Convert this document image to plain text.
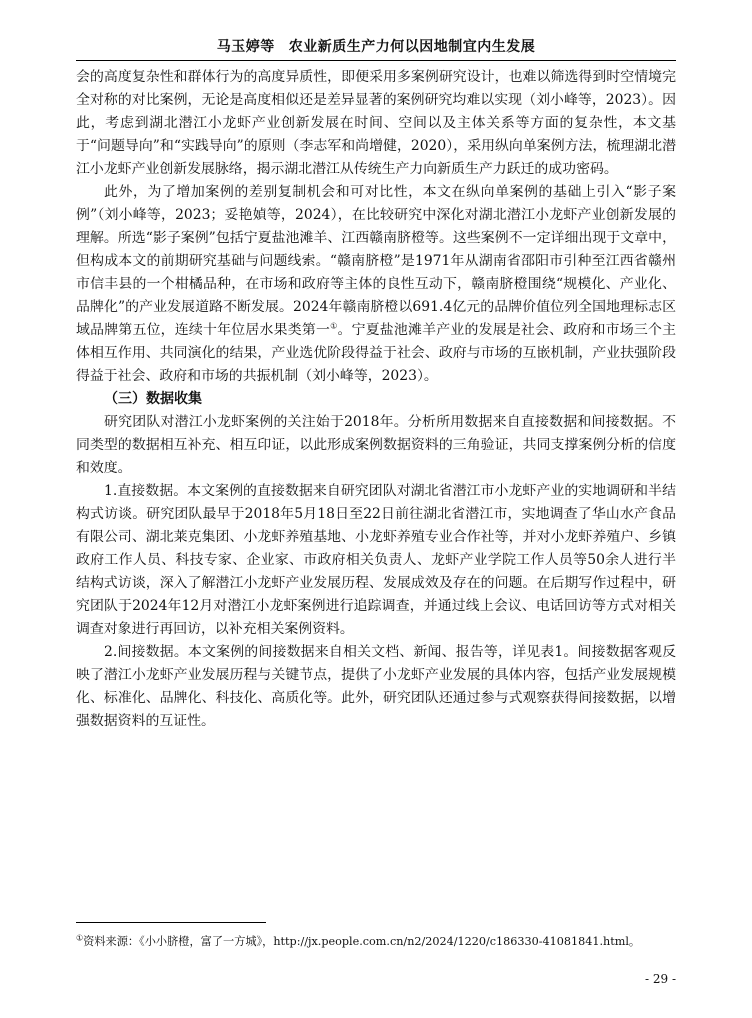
马玉婷等 农业新质生产力何以因地制宜内生发展

会的高度复杂性和群体行为的高度异质性，即便采用多案例研究设计，也难以筛选得到时空情境完全对称的对比案例，无论是高度相似还是差异显著的案例研究均难以实现（刘小峰等，2023）。因此，考虑到湖北潜江小龙虾产业创新发展在时间、空间以及主体关系等方面的复杂性，本文基于“问题导向”和“实践导向”的原则（李志军和尚增健，2020），采用纵向单案例方法，梳理湖北潜江小龙虾产业创新发展脉络，揭示湖北潜江从传统生产力向新质生产力跃迁的成功密码。

此外，为了增加案例的差别复制机会和可对比性，本文在纵向单案例的基础上引入“影子案例”（刘小峰等，2023；妥艳媜等，2024），在比较研究中深化对湖北潜江小龙虾产业创新发展的理解。所选“影子案例”包括宁夏盐池滩羊、江西赣南脐橙等。这些案例不一定详细出现于文章中，但构成本文的前期研究基础与问题线索。“赣南脐橙”是1971年从湖南省邵阳市引种至江西省赣州市信丰县的一个柑橘品种，在市场和政府等主体的良性互动下，赣南脐橙围绕“规模化、产业化、品牌化”的产业发展道路不断发展。2024年赣南脐橙以691.4亿元的品牌价值位列全国地理标志区域品牌第五位，连续十年位居水果类第一①。宁夏盐池滩羊产业的发展是社会、政府和市场三个主体相互作用、共同演化的结果，产业选优阶段得益于社会、政府与市场的互嵌机制，产业扶强阶段得益于社会、政府和市场的共振机制（刘小峰等，2023）。

（三）数据收集

研究团队对潜江小龙虾案例的关注始于2018年。分析所用数据来自直接数据和间接数据。不同类型的数据相互补充、相互印证，以此形成案例数据资料的三角验证，共同支撑案例分析的信度和效度。

1.直接数据。本文案例的直接数据来自研究团队对湖北省潜江市小龙虾产业的实地调研和半结构式访谈。研究团队最早于2018年5月18日至22日前往湖北省潜江市，实地调查了华山水产食品有限公司、湖北莱克集团、小龙虾养殖基地、小龙虾养殖专业合作社等，并对小龙虾养殖户、乡镇政府工作人员、科技专家、企业家、市政府相关负责人、龙虾产业学院工作人员等50余人进行半结构式访谈，深入了解潜江小龙虾产业发展历程、发展成效及存在的问题。在后期写作过程中，研究团队于2024年12月对潜江小龙虾案例进行追踪调查，并通过线上会议、电话回访等方式对相关调查对象进行再回访，以补充相关案例资料。

2.间接数据。本文案例的间接数据来自相关文档、新闻、报告等，详见表1。间接数据客观反映了潜江小龙虾产业发展历程与关键节点，提供了小龙虾产业发展的具体内容，包括产业发展规模化、标准化、品牌化、科技化、高质化等。此外，研究团队还通过参与式观察获得间接数据，以增强数据资料的互证性。

①资料来源：《小小脐橙，富了一方城》，http://jx.people.com.cn/n2/2024/1220/c186330-41081841.html。
- 29 -
